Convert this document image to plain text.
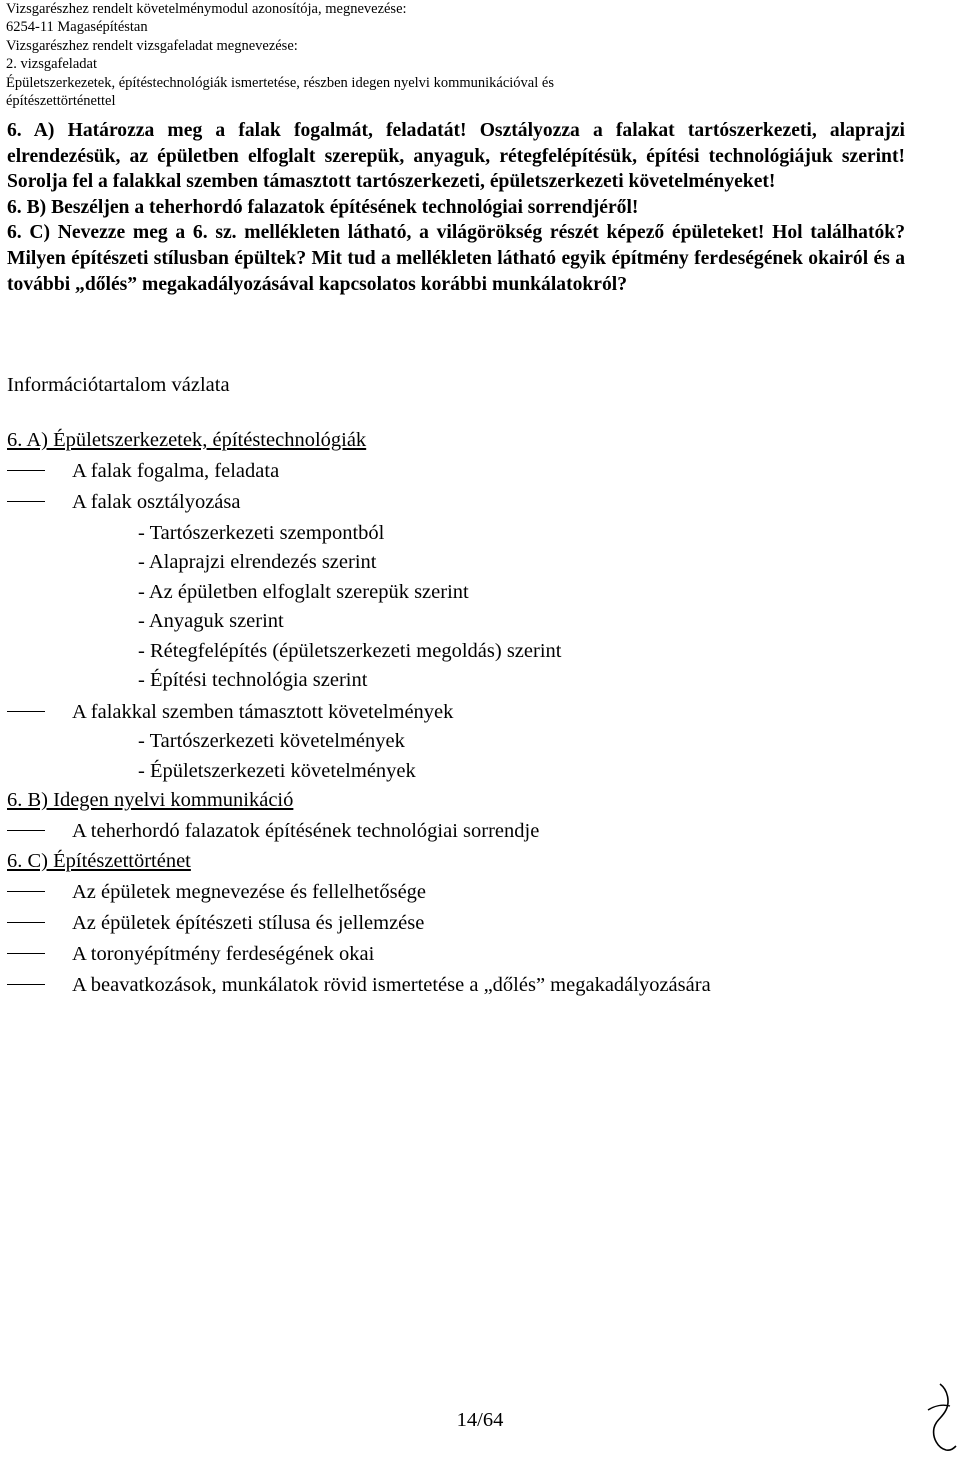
Vizsgarészhez rendelt követelménymodul azonosítója, megnevezése:
6254-11 Magasépítéstan
Vizsgarészhez rendelt vizsgafeladat megnevezése:
2. vizsgafeladat
Épületszerkezetek, építéstechnológiák ismertetése, részben idegen nyelvi kommunikációval és
építészettörténettel

6. A) Határozza meg a falak fogalmát, feladatát! Osztályozza a falakat tartószerkezeti, alaprajzi elrendezésük, az épületben elfoglalt szerepük, anyaguk, rétegfelépítésük, építési technológiájuk szerint! Sorolja fel a falakkal szemben támasztott tartószerkezeti, épületszerkezeti követelményeket!

6. B) Beszéljen a teherhordó falazatok építésének technológiai sorrendjéről!

6. C) Nevezze meg a 6. sz. mellékleten látható, a világörökség részét képező épületeket! Hol találhatók? Milyen építészeti stílusban épültek? Mit tud a mellékleten látható egyik építmény ferdeségének okairól és a további „dőlés” megakadályozásával kapcsolatos korábbi munkálatokról?

Információtartalom vázlata
6. A) Épületszerkezetek, építéstechnológiák
A falak fogalma, feladata
A falak osztályozása
- Tartószerkezeti szempontból
- Alaprajzi elrendezés szerint
- Az épületben elfoglalt szerepük szerint
- Anyaguk szerint
- Rétegfelépítés (épületszerkezeti megoldás) szerint
- Építési technológia szerint
A falakkal szemben támasztott követelmények
- Tartószerkezeti követelmények
- Épületszerkezeti követelmények
6. B) Idegen nyelvi kommunikáció
A teherhordó falazatok építésének technológiai sorrendje
6. C) Építészettörténet
Az épületek megnevezése és fellelhetősége
Az épületek építészeti stílusa és jellemzése
A toronyépítmény ferdeségének okai
A beavatkozások, munkálatok rövid ismertetése a „dőlés” megakadályozására
14/64
